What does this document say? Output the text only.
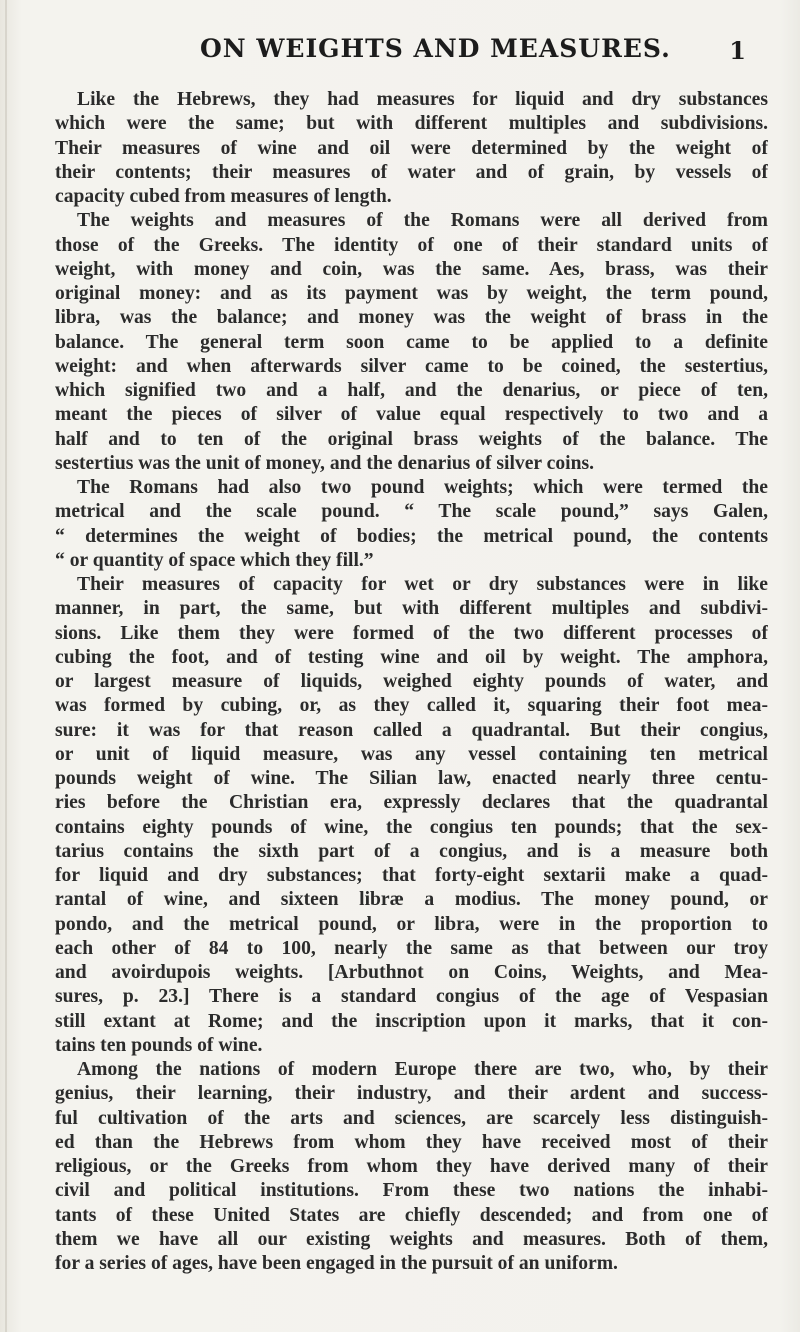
ON WEIGHTS AND MEASURES. 1
Like the Hebrews, they had measures for liquid and dry substances
which were the same; but with different multiples and subdivisions.
Their measures of wine and oil were determined by the weight of
their contents; their measures of water and of grain, by vessels of
capacity cubed from measures of length.
The weights and measures of the Romans were all derived from
those of the Greeks. The identity of one of their standard units of
weight, with money and coin, was the same. Aes, brass, was their
original money: and as its payment was by weight, the term pound,
libra, was the balance; and money was the weight of brass in the
balance. The general term soon came to be applied to a definite
weight: and when afterwards silver came to be coined, the sestertius,
which signified two and a half, and the denarius, or piece of ten,
meant the pieces of silver of value equal respectively to two and a
half and to ten of the original brass weights of the balance. The
sestertius was the unit of money, and the denarius of silver coins.
The Romans had also two pound weights; which were termed the
metrical and the scale pound. “ The scale pound,” says Galen,
“ determines the weight of bodies; the metrical pound, the contents
“ or quantity of space which they fill.”
Their measures of capacity for wet or dry substances were in like
manner, in part, the same, but with different multiples and subdivi-
sions. Like them they were formed of the two different processes of
cubing the foot, and of testing wine and oil by weight. The amphora,
or largest measure of liquids, weighed eighty pounds of water, and
was formed by cubing, or, as they called it, squaring their foot mea-
sure: it was for that reason called a quadrantal. But their congius,
or unit of liquid measure, was any vessel containing ten metrical
pounds weight of wine. The Silian law, enacted nearly three centu-
ries before the Christian era, expressly declares that the quadrantal
contains eighty pounds of wine, the congius ten pounds; that the sex-
tarius contains the sixth part of a congius, and is a measure both
for liquid and dry substances; that forty-eight sextarii make a quad-
rantal of wine, and sixteen libræ a modius. The money pound, or
pondo, and the metrical pound, or libra, were in the proportion to
each other of 84 to 100, nearly the same as that between our troy
and avoirdupois weights. [Arbuthnot on Coins, Weights, and Mea-
sures, p. 23.] There is a standard congius of the age of Vespasian
still extant at Rome; and the inscription upon it marks, that it con-
tains ten pounds of wine.
Among the nations of modern Europe there are two, who, by their
genius, their learning, their industry, and their ardent and success-
ful cultivation of the arts and sciences, are scarcely less distinguish-
ed than the Hebrews from whom they have received most of their
religious, or the Greeks from whom they have derived many of their
civil and political institutions. From these two nations the inhabi-
tants of these United States are chiefly descended; and from one of
them we have all our existing weights and measures. Both of them,
for a series of ages, have been engaged in the pursuit of an uniform.
